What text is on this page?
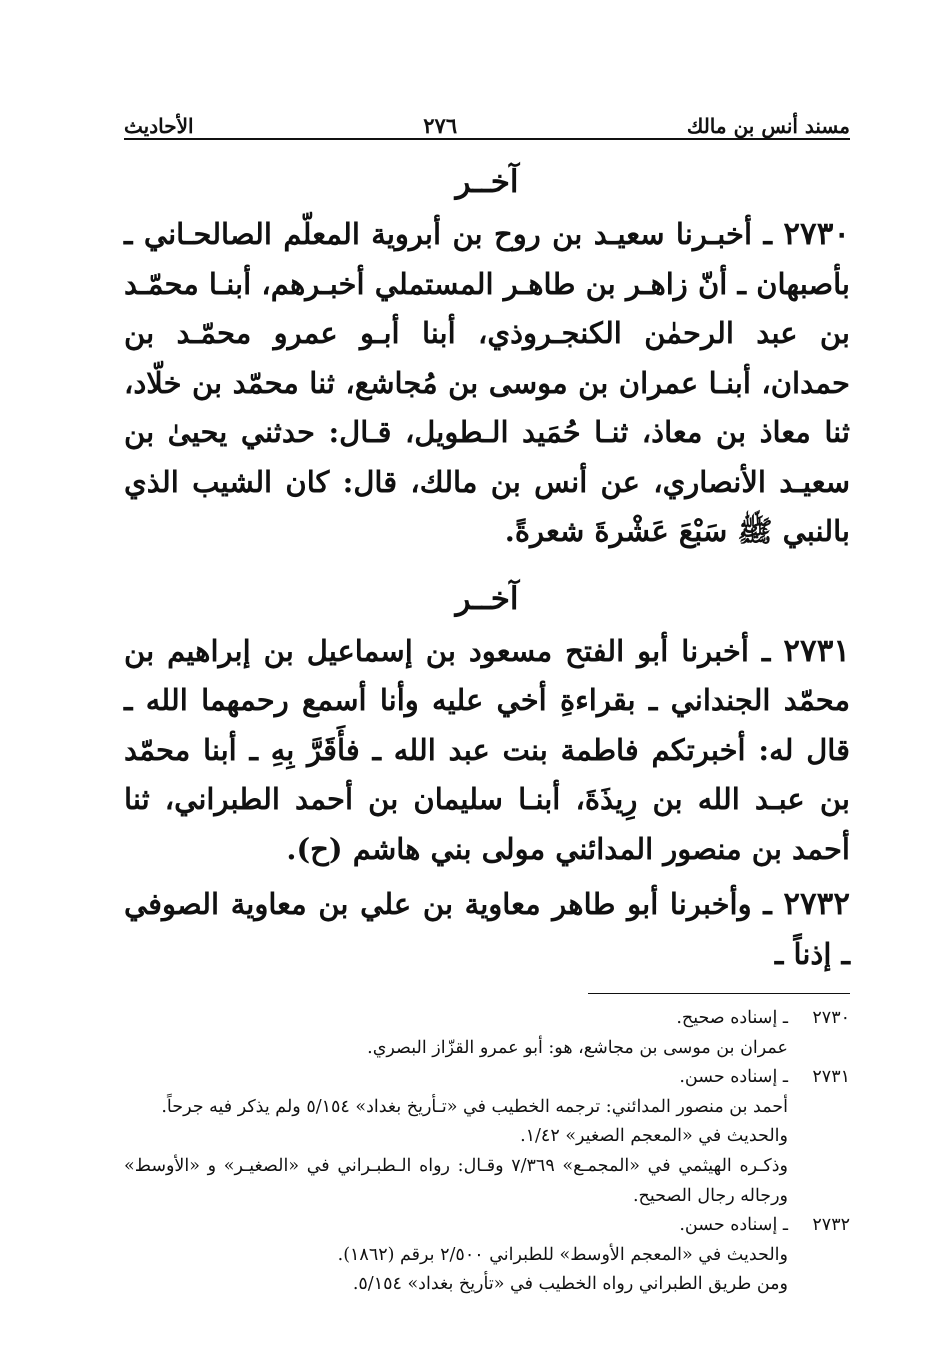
مسند أنس بن مالك
٢٧٦
الأحاديث
آخــر

٢٧٣٠ ـ أخبـرنا سعيـد بن روح بن أبروية المعلّم الصالحـاني ـ بأصبهان ـ أنّ زاهـر بن طاهـر المستملي أخبـرهم، أبنـا محمّـد بن عبد الرحمٰن الكنجـروذي، أبنا أبـو عمرو محمّـد بن حمدان، أبنـا عمران بن موسى بن مُجاشع، ثنا محمّد بن خلّاد، ثنا معاذ بن معاذ، ثنـا حُمَيد الـطويل، قـال: حدثني يحيىٰ بن سعيـد الأنصاري، عن أنس بن مالك، قال: كان الشيب الذي بالنبي ﷺ سَبْعَ عَشْرةَ شعرةً.

آخــر

٢٧٣١ ـ أخبرنا أبو الفتح مسعود بن إسماعيل بن إبراهيم بن محمّد الجنداني ـ بقراءةِ أخي عليه وأنا أسمع رحمهما الله ـ قال له: أخبرتكم فاطمة بنت عبد الله ـ فأَقَرَّ بِهِ ـ أبنا محمّد بن عبـد الله بن رِيذَةَ، أبنـا سليمان بن أحمد الطبراني، ثنا أحمد بن منصور المدائني مولى بني هاشم (ح).

٢٧٣٢ ـ وأخبرنا أبو طاهر معاوية بن علي بن معاوية الصوفي ـ إذناً ـ

٢٧٣٠
ـ إسناده صحيح.
عمران بن موسى بن مجاشع، هو: أبو عمرو القزّاز البصري.
٢٧٣١
ـ إسناده حسن.
أحمد بن منصور المدائني: ترجمه الخطيب في «تـأريخ بغداد» ٥/١٥٤ ولم يذكر فيه جرحاً.
والحديث في «المعجم الصغير» ١/٤٢.
وذكـره الهيثمي في «المجمـع» ٧/٣٦٩ وقـال: رواه الـطبـراني في «الصغيـر» و «الأوسط» ورجاله رجال الصحيح.
٢٧٣٢
ـ إسناده حسن.
والحديث في «المعجم الأوسط» للطبراني ٢/٥٠٠ برقم (١٨٦٢).
ومن طريق الطبراني رواه الخطيب في «تأريخ بغداد» ٥/١٥٤.
